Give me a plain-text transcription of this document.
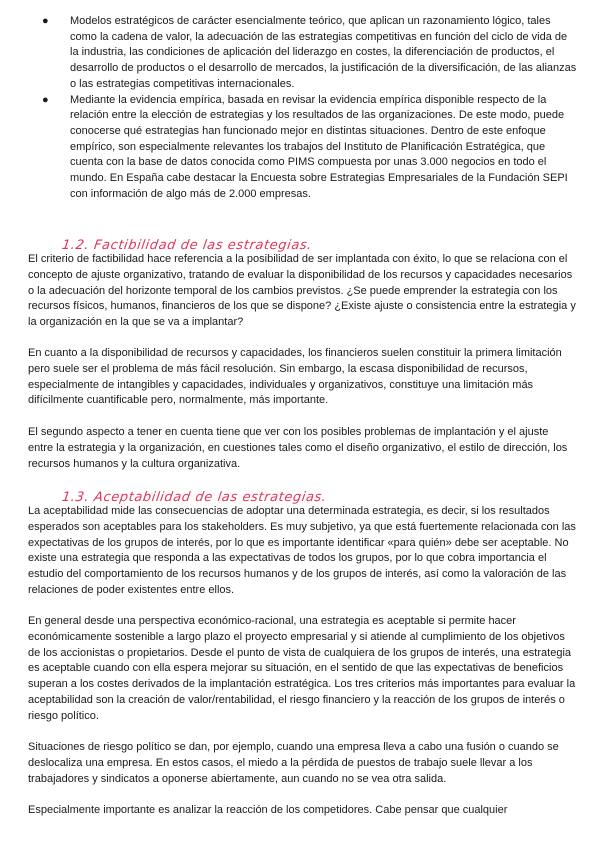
● Modelos estratégicos de carácter esencialmente teórico, que aplican un razonamiento lógico, tales como la cadena de valor, la adecuación de las estrategias competitivas en función del ciclo de vida de la industria, las condiciones de aplicación del liderazgo en costes, la diferenciación de productos, el desarrollo de productos o el desarrollo de mercados, la justificación de la diversificación, de las alianzas o las estrategias competitivas internacionales.
● Mediante la evidencia empírica, basada en revisar la evidencia empírica disponible respecto de la relación entre la elección de estrategias y los resultados de las organizaciones. De este modo, puede conocerse qué estrategias han funcionado mejor en distintas situaciones. Dentro de este enfoque empírico, son especialmente relevantes los trabajos del Instituto de Planificación Estratégica, que cuenta con la base de datos conocida como PIMS compuesta por unas 3.000 negocios en todo el mundo. En España cabe destacar la Encuesta sobre Estrategias Empresariales de la Fundación SEPI con información de algo más de 2.000 empresas.
1.2. Factibilidad de las estrategias.
El criterio de factibilidad hace referencia a la posibilidad de ser implantada con éxito, lo que se relaciona con el concepto de ajuste organizativo, tratando de evaluar la disponibilidad de los recursos y capacidades necesarios o la adecuación del horizonte temporal de los cambios previstos. ¿Se puede emprender la estrategia con los recursos físicos, humanos, financieros de los que se dispone? ¿Existe ajuste o consistencia entre la estrategia y la organización en la que se va a implantar?
En cuanto a la disponibilidad de recursos y capacidades, los financieros suelen constituir la primera limitación pero suele ser el problema de más fácil resolución. Sin embargo, la escasa disponibilidad de recursos, especialmente de intangibles y capacidades, individuales y organizativos, constituye una limitación más difícilmente cuantificable pero, normalmente, más importante.
El segundo aspecto a tener en cuenta tiene que ver con los posibles problemas de implantación y el ajuste entre la estrategia y la organización, en cuestiones tales como el diseño organizativo, el estilo de dirección, los recursos humanos y la cultura organizativa.
1.3. Aceptabilidad de las estrategias.
La aceptabilidad mide las consecuencias de adoptar una determinada estrategia, es decir, si los resultados esperados son aceptables para los stakeholders. Es muy subjetivo, ya que está fuertemente relacionada con las expectativas de los grupos de interés, por lo que es importante identificar «para quién» debe ser aceptable. No existe una estrategia que responda a las expectativas de todos los grupos, por lo que cobra importancia el estudio del comportamiento de los recursos humanos y de los grupos de interés, así como la valoración de las relaciones de poder existentes entre ellos.
En general desde una perspectiva económico-racional, una estrategia es aceptable si permite hacer económicamente sostenible a largo plazo el proyecto empresarial y si atiende al cumplimiento de los objetivos de los accionistas o propietarios. Desde el punto de vista de cualquiera de los grupos de interés, una estrategia es aceptable cuando con ella espera mejorar su situación, en el sentido de que las expectativas de beneficios superan a los costes derivados de la implantación estratégica. Los tres criterios más importantes para evaluar la aceptabilidad son la creación de valor/rentabilidad, el riesgo financiero y la reacción de los grupos de interés o riesgo político.
Situaciones de riesgo político se dan, por ejemplo, cuando una empresa lleva a cabo una fusión o cuando se deslocaliza una empresa. En estos casos, el miedo a la pérdida de puestos de trabajo suele llevar a los trabajadores y sindicatos a oponerse abiertamente, aun cuando no se vea otra salida.
Especialmente importante es analizar la reacción de los competidores. Cabe pensar que cualquier
